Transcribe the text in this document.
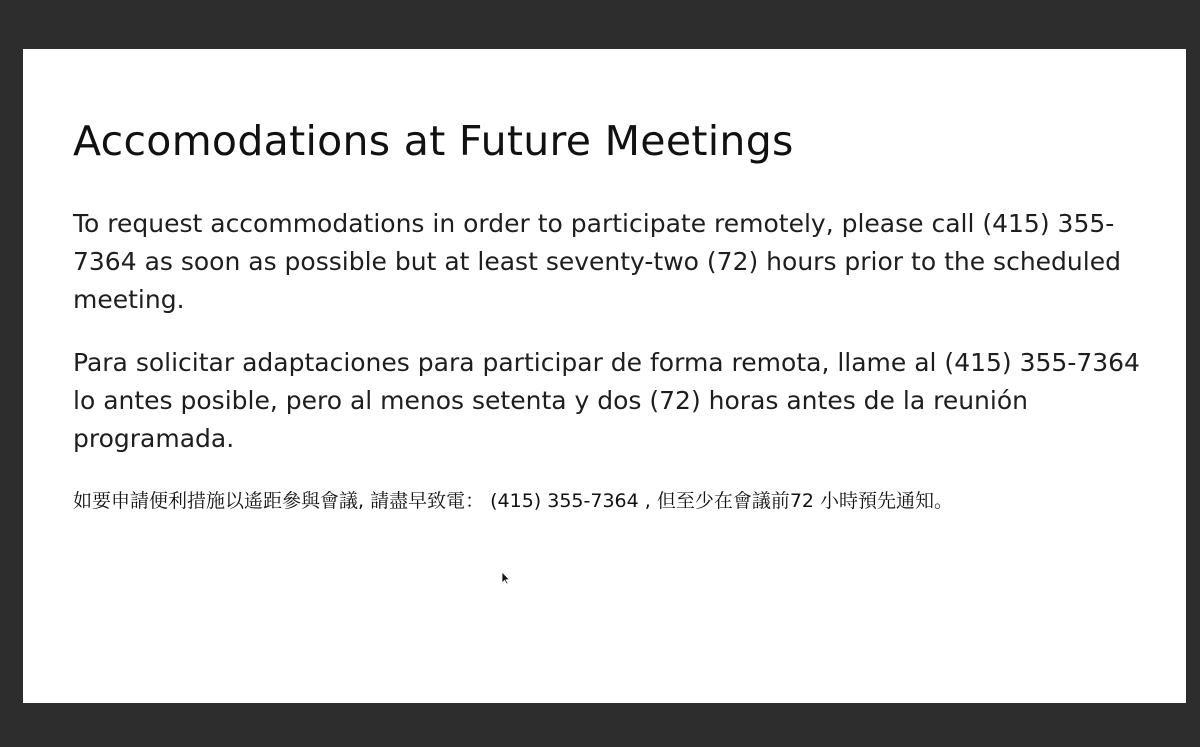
Accomodations at Future Meetings

To request accommodations in order to participate remotely, please call (415) 355-7364 as soon as possible but at least seventy-two (72) hours prior to the scheduled meeting.

Para solicitar adaptaciones para participar de forma remota, llame al (415) 355-7364 lo antes posible, pero al menos setenta y dos (72) horas antes de la reunión programada.

如要申請便利措施以遙距參與會議, 請盡早致電： (415) 355-7364 , 但至少在會議前72 小時預先通知。
